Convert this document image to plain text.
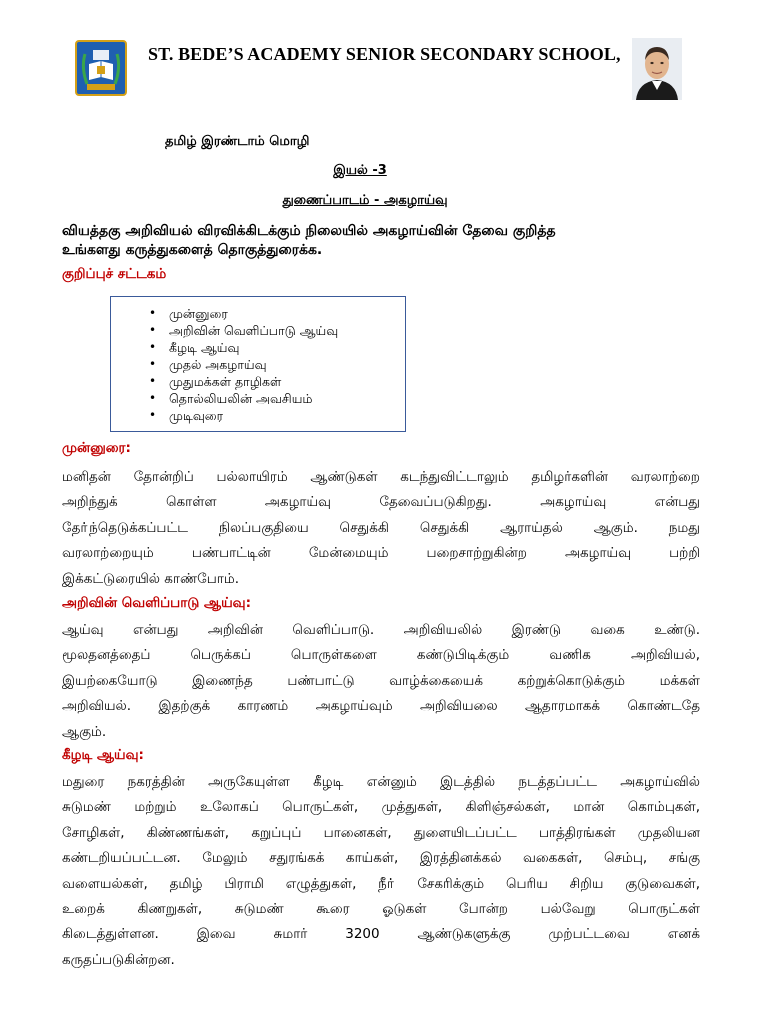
ST. BEDE’S ACADEMY SENIOR SECONDARY SCHOOL,
தமிழ் இரண்டாம் மொழி
இயல் -3
துணைப்பாடம் - அகழாய்வு
வியத்தகு அறிவியல் விரவிக்கிடக்கும் நிலையில் அகழாய்வின் தேவை குறித்த
உங்களது கருத்துகளைத் தொகுத்துரைக்க.
குறிப்புச் சட்டகம்
• முன்னுரை
• அறிவின் வெளிப்பாடு ஆய்வு
• கீழடி ஆய்வு
• முதல் அகழாய்வு
• முதுமக்கள் தாழிகள்
• தொல்லியலின் அவசியம்
• முடிவுரை
முன்னுரை:
மனிதன் தோன்றிப் பல்லாயிரம் ஆண்டுகள் கடந்துவிட்டாலும் தமிழர்களின் வரலாற்றை
அறிந்துக் கொள்ள அகழாய்வு தேவைப்படுகிறது. அகழாய்வு என்பது
தோ்ந்தெடுக்கப்பட்ட நிலப்பகுதியை செதுக்கி செதுக்கி ஆராய்தல் ஆகும். நமது
வரலாற்றையும் பண்பாட்டின் மேன்மையும் பறைசாற்றுகின்ற அகழாய்வு பற்றி
இக்கட்டுரையில் காண்போம்.
அறிவின் வெளிப்பாடு ஆய்வு:
ஆய்வு என்பது அறிவின் வெளிப்பாடு. அறிவியலில் இரண்டு வகை உண்டு.
மூலதனத்தைப் பெருக்கப் பொருள்களை கண்டுபிடிக்கும் வணிக அறிவியல்,
இயற்கையோடு இணைந்த பண்பாட்டு வாழ்க்கையைக் கற்றுக்கொடுக்கும் மக்கள்
அறிவியல். இதற்குக் காரணம் அகழாய்வும் அறிவியலை ஆதாரமாகக் கொண்டதே
ஆகும்.
கீழடி ஆய்வு:
மதுரை நகரத்தின் அருகேயுள்ள கீழடி என்னும் இடத்தில் நடத்தப்பட்ட அகழாய்வில்
சுடுமண் மற்றும் உலோகப் பொருட்கள், முத்துகள், கிளிஞ்சல்கள், மான் கொம்புகள்,
சோழிகள், கிண்ணங்கள், கறுப்புப் பானைகள், துளையிடப்பட்ட பாத்திரங்கள் முதலியன
கண்டறியப்பட்டன. மேலும் சதுரங்கக் காய்கள், இரத்தினக்கல் வகைகள், செம்பு, சங்கு
வளையல்கள், தமிழ் பிராமி எழுத்துகள், நீா் சேகரிக்கும் பெரிய சிறிய குடுவைகள்,
உறைக் கிணறுகள், சுடுமண் கூரை ஓடுகள் போன்ற பல்வேறு பொருட்கள்
கிடைத்துள்ளன. இவை சுமார் 3200 ஆண்டுகளுக்கு முற்பட்டவை எனக்
கருதப்படுகின்றன.
